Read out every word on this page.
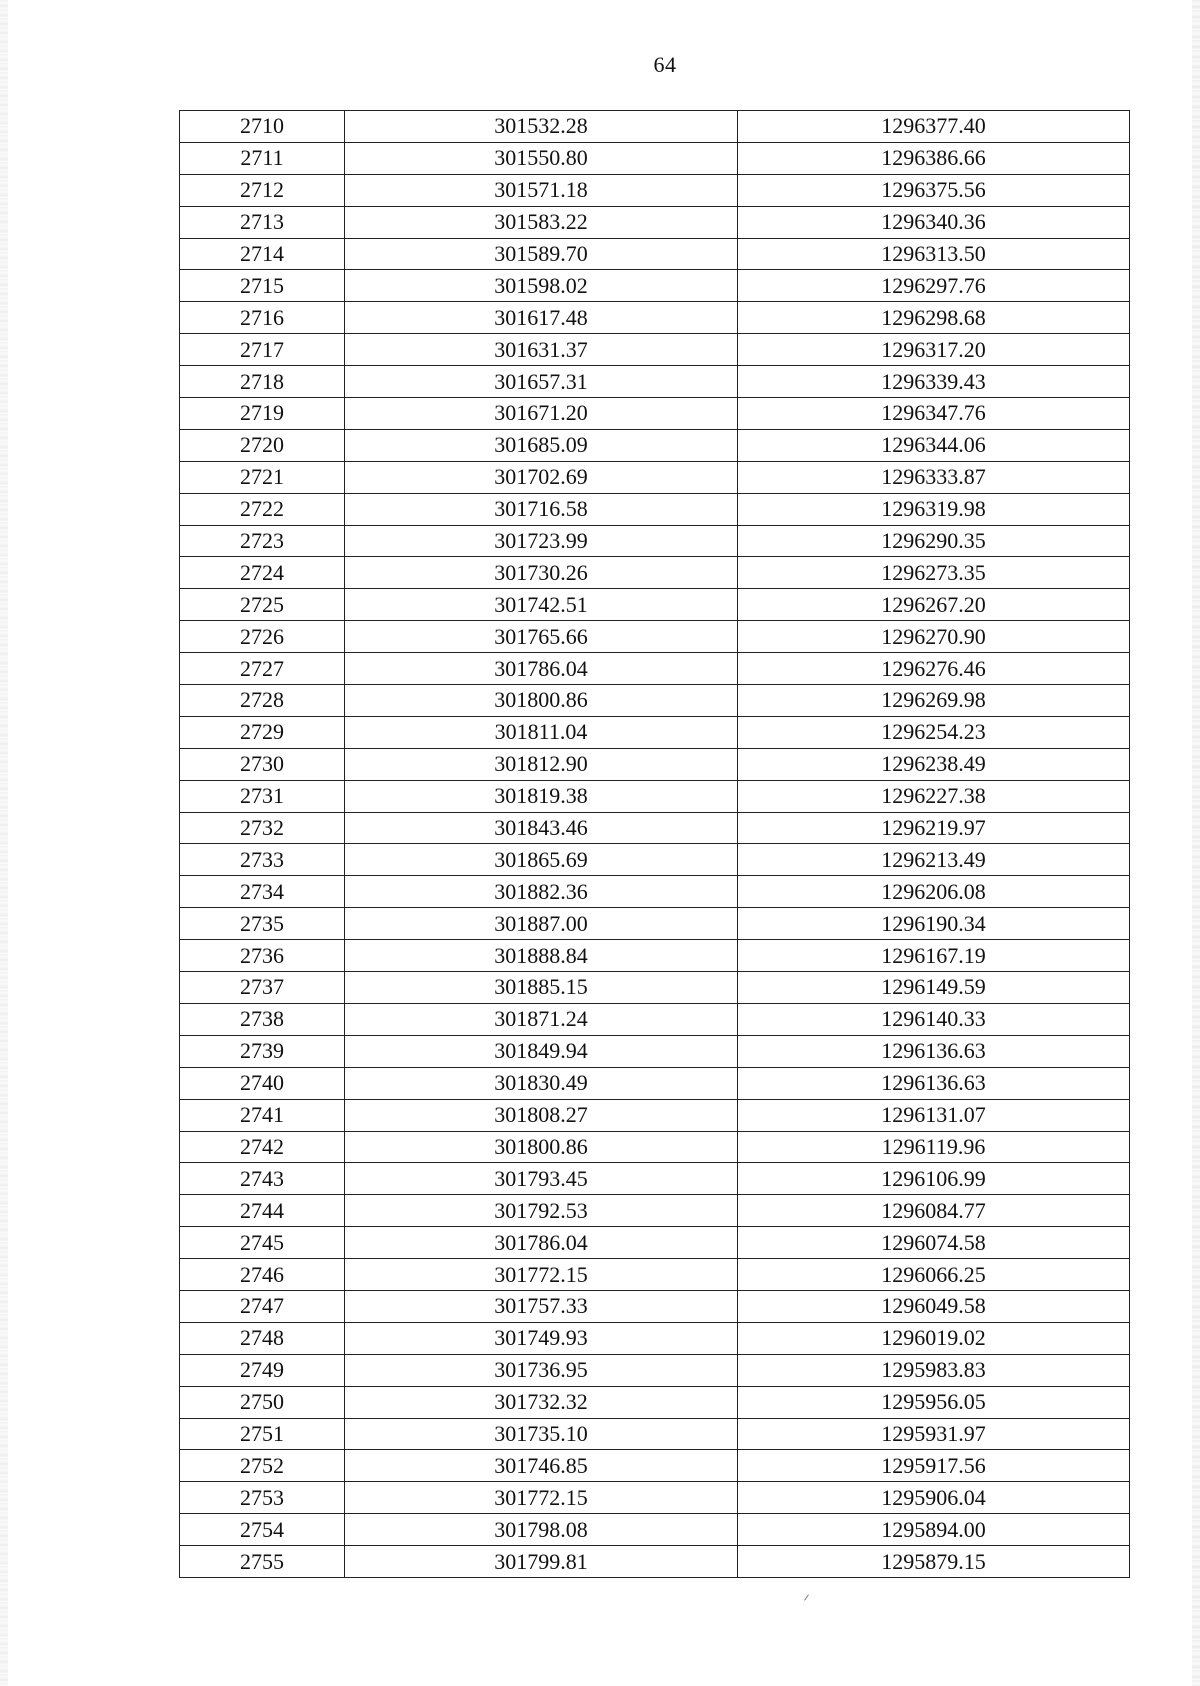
64
2710	301532.28	1296377.40
2711	301550.80	1296386.66
2712	301571.18	1296375.56
2713	301583.22	1296340.36
2714	301589.70	1296313.50
2715	301598.02	1296297.76
2716	301617.48	1296298.68
2717	301631.37	1296317.20
2718	301657.31	1296339.43
2719	301671.20	1296347.76
2720	301685.09	1296344.06
2721	301702.69	1296333.87
2722	301716.58	1296319.98
2723	301723.99	1296290.35
2724	301730.26	1296273.35
2725	301742.51	1296267.20
2726	301765.66	1296270.90
2727	301786.04	1296276.46
2728	301800.86	1296269.98
2729	301811.04	1296254.23
2730	301812.90	1296238.49
2731	301819.38	1296227.38
2732	301843.46	1296219.97
2733	301865.69	1296213.49
2734	301882.36	1296206.08
2735	301887.00	1296190.34
2736	301888.84	1296167.19
2737	301885.15	1296149.59
2738	301871.24	1296140.33
2739	301849.94	1296136.63
2740	301830.49	1296136.63
2741	301808.27	1296131.07
2742	301800.86	1296119.96
2743	301793.45	1296106.99
2744	301792.53	1296084.77
2745	301786.04	1296074.58
2746	301772.15	1296066.25
2747	301757.33	1296049.58
2748	301749.93	1296019.02
2749	301736.95	1295983.83
2750	301732.32	1295956.05
2751	301735.10	1295931.97
2752	301746.85	1295917.56
2753	301772.15	1295906.04
2754	301798.08	1295894.00
2755	301799.81	1295879.15
